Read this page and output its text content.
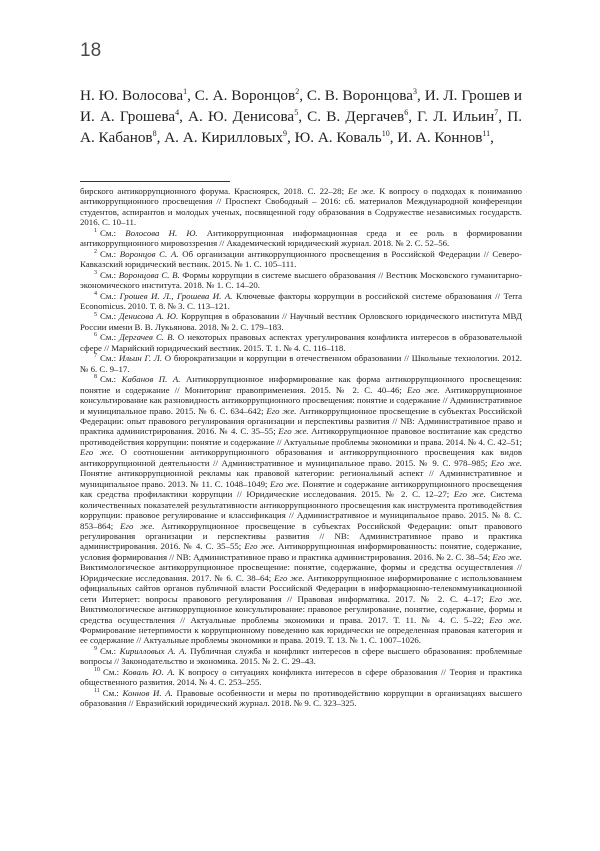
18
Н. Ю. Волосова$^1$, С. А. Воронцов$^2$, С. В. Воронцова$^3$, И. Л. Грошев и И. А. Грошева$^4$, А. Ю. Денисова$^5$, С. В. Дергачев$^6$, Г. Л. Ильин$^7$, П. А. Кабанов$^8$, А. А. Кирилловых$^9$, Ю. А. Коваль$^{10}$, И. А. Коннов$^{11}$,

бирского антикоррупционного форума. Красноярск, 2018. С. 22–28; Ее же. К вопросу о подходах к пониманию антикоррупционного просвещения // Проспект Свободный – 2016: сб. материалов Международной конференции студентов, аспирантов и молодых ученых, посвященной году образования в Содружестве независимых государств. 2016. С. 10–11.

$^1$ См.: Волосова Н. Ю. Антикоррупционная информационная среда и ее роль в формировании антикоррупционного мировоззрения // Академический юридический журнал. 2018. № 2. С. 52–56.

$^2$ См.: Воронцов С. А. Об организации антикоррупционного просвещения в Российской Федерации // Северо-Кавказский юридический вестник. 2015. № 1. С. 105–111.

$^3$ См.: Воронцова С. В. Формы коррупции в системе высшего образования // Вестник Московского гуманитарно-экономического института. 2018. № 1. С. 14–20.

$^4$ См.: Грошев И. Л., Грошева И. А. Ключевые факторы коррупции в российской системе образования // Terra Economicus. 2010. Т. 8. № 3. С. 113–121.

$^5$ См.: Денисова А. Ю. Коррупция в образовании // Научный вестник Орловского юридического института МВД России имени В. В. Лукьянова. 2018. № 2. С. 179–183.

$^6$ См.: Дергачев С. В. О некоторых правовых аспектах урегулирования конфликта интересов в образовательной сфере // Марийский юридический вестник. 2015. Т. 1. № 4. С. 116–118.

$^7$ См.: Ильин Г. Л. О бюрократизации и коррупции в отечественном образовании // Школьные технологии. 2012. № 6. С. 9–17.

$^8$ См.: Кабанов П. А. Антикоррупционное информирование как форма антикоррупционного просвещения: понятие и содержание // Мониторинг правоприменения. 2015. № 2. С. 40–46; Его же. Антикоррупционное консультирование как разновидность антикоррупционного просвещения: понятие и содержание // Административное и муниципальное право. 2015. № 6. С. 634–642; Его же. Антикоррупционное просвещение в субъектах Российской Федерации: опыт правового регулирования организации и перспективы развития // NB: Административное право и практика администрирования. 2016. № 4. С. 35–55; Его же. Антикоррупционное правовое воспитание как средство противодействия коррупции: понятие и содержание // Актуальные проблемы экономики и права. 2014. № 4. С. 42–51; Его же. О соотношении антикоррупционного образования и антикоррупционного просвещения как видов антикоррупционной деятельности // Административное и муниципальное право. 2015. № 9. С. 978–985; Его же. Понятие антикоррупционной рекламы как правовой категории: региональный аспект // Административное и муниципальное право. 2013. № 11. С. 1048–1049; Его же. Понятие и содержание антикоррупционного просвещения как средства профилактики коррупции // Юридические исследования. 2015. № 2. С. 12–27; Его же. Система количественных показателей результативности антикоррупционного просвещения как инструмента противодействия коррупции: правовое регулирование и классификация // Административное и муниципальное право. 2015. № 8. С. 853–864; Его же. Антикоррупционное просвещение в субъектах Российской Федерации: опыт правового регулирования организации и перспективы развития // NB: Административное право и практика администрирования. 2016. № 4. С. 35–55; Его же. Антикоррупционная информированность: понятие, содержание, условия формирования // NB: Административное право и практика администрирования. 2016. № 2. С. 38–54; Его же. Виктимологическое антикоррупционное просвещение: понятие, содержание, формы и средства осуществления // Юридические исследования. 2017. № 6. С. 38–64; Его же. Антикоррупционное информирование с использованием официальных сайтов органов публичной власти Российской Федерации в информационно-телекоммуникационной сети Интернет: вопросы правового регулирования // Правовая информатика. 2017. № 2. С. 4–17; Его же. Виктимологическое антикоррупционное консультирование: правовое регулирование, понятие, содержание, формы и средства осуществления // Актуальные проблемы экономики и права. 2017. Т. 11. № 4. С. 5–22; Его же. Формирование нетерпимости к коррупционному поведению как юридически не определенная правовая категория и ее содержание // Актуальные проблемы экономики и права. 2019. Т. 13. № 1. С. 1007–1026.

$^9$ См.: Кирилловых А. А. Публичная служба и конфликт интересов в сфере высшего образования: проблемные вопросы // Законодательство и экономика. 2015. № 2. С. 29–43.

$^{10}$ См.: Коваль Ю. А. К вопросу о ситуациях конфликта интересов в сфере образования // Теория и практика общественного развития. 2014. № 4. С. 253–255.

$^{11}$ См.: Коннов И. А. Правовые особенности и меры по противодействию коррупции в организациях высшего образования // Евразийский юридический журнал. 2018. № 9. С. 323–325.
